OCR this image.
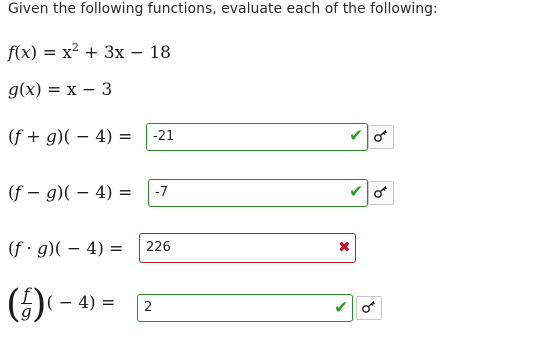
Given the following functions, evaluate each of the following:
$f(x) = x^2 + 3x - 18$
g(x) = x − 3
(f + g)( − 4) =	-21	✔
(f − g)( − 4) =	-7	✔
(f · g)( − 4) =	226	✖
( $\frac{f}{g}$ )( − 4) =	2	✔
